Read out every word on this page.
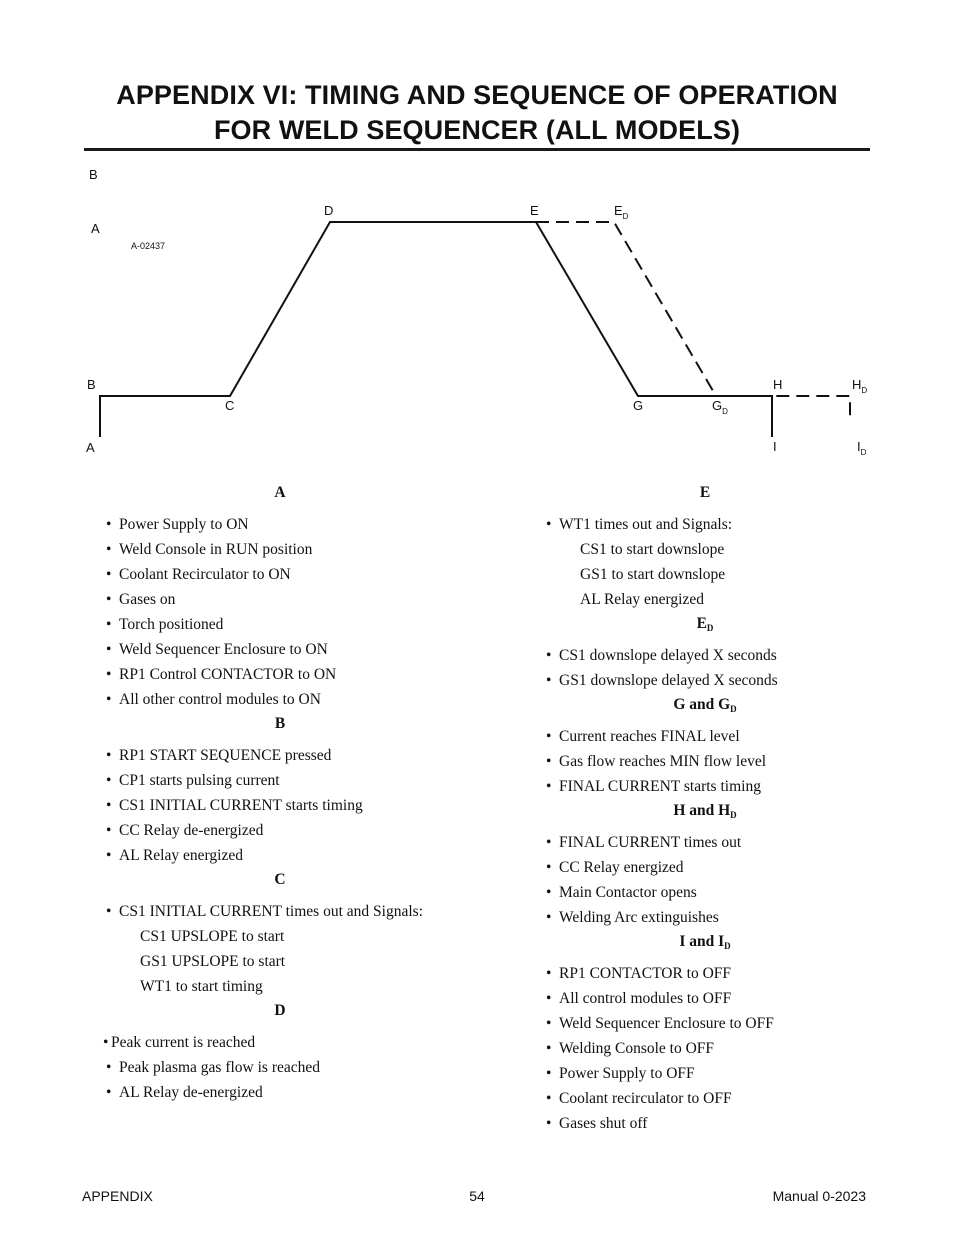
APPENDIX VI: TIMING AND SEQUENCE OF OPERATION
FOR WELD SEQUENCER (ALL MODELS)
B
A
A-02437
A
B
C
D	E	$E_D$
G	$G_D$
H	$H_D$
I	$I_D$
A
• Power Supply to ON
• Weld Console in RUN position
• Coolant Recirculator to ON
• Gases on
• Torch positioned
• Weld Sequencer Enclosure to ON
• RP1 Control CONTACTOR to ON
• All other control modules to ON
B
• RP1 START SEQUENCE pressed
• CP1 starts pulsing current
• CS1 INITIAL CURRENT starts timing
• CC Relay de-energized
• AL Relay energized
C
• CS1 INITIAL CURRENT times out and Signals:
CS1 UPSLOPE to start
GS1 UPSLOPE to start
WT1 to start timing
D
• Peak current is reached
• Peak plasma gas flow is reached
• AL Relay de-energized
E
• WT1 times out and Signals:
CS1 to start downslope
GS1 to start downslope
AL Relay energized
$E_D$
• CS1 downslope delayed X seconds
• GS1 downslope delayed X seconds
G and $G_D$
• Current reaches FINAL level
• Gas flow reaches MIN flow level
• FINAL CURRENT starts timing
H and $H_D$
• FINAL CURRENT times out
• CC Relay energized
• Main Contactor opens
• Welding Arc extinguishes
I and $I_D$
• RP1 CONTACTOR to OFF
• All control modules to OFF
• Weld Sequencer Enclosure to OFF
• Welding Console to OFF
• Power Supply to OFF
• Coolant recirculator to OFF
• Gases shut off
APPENDIX	54	Manual 0-2023
